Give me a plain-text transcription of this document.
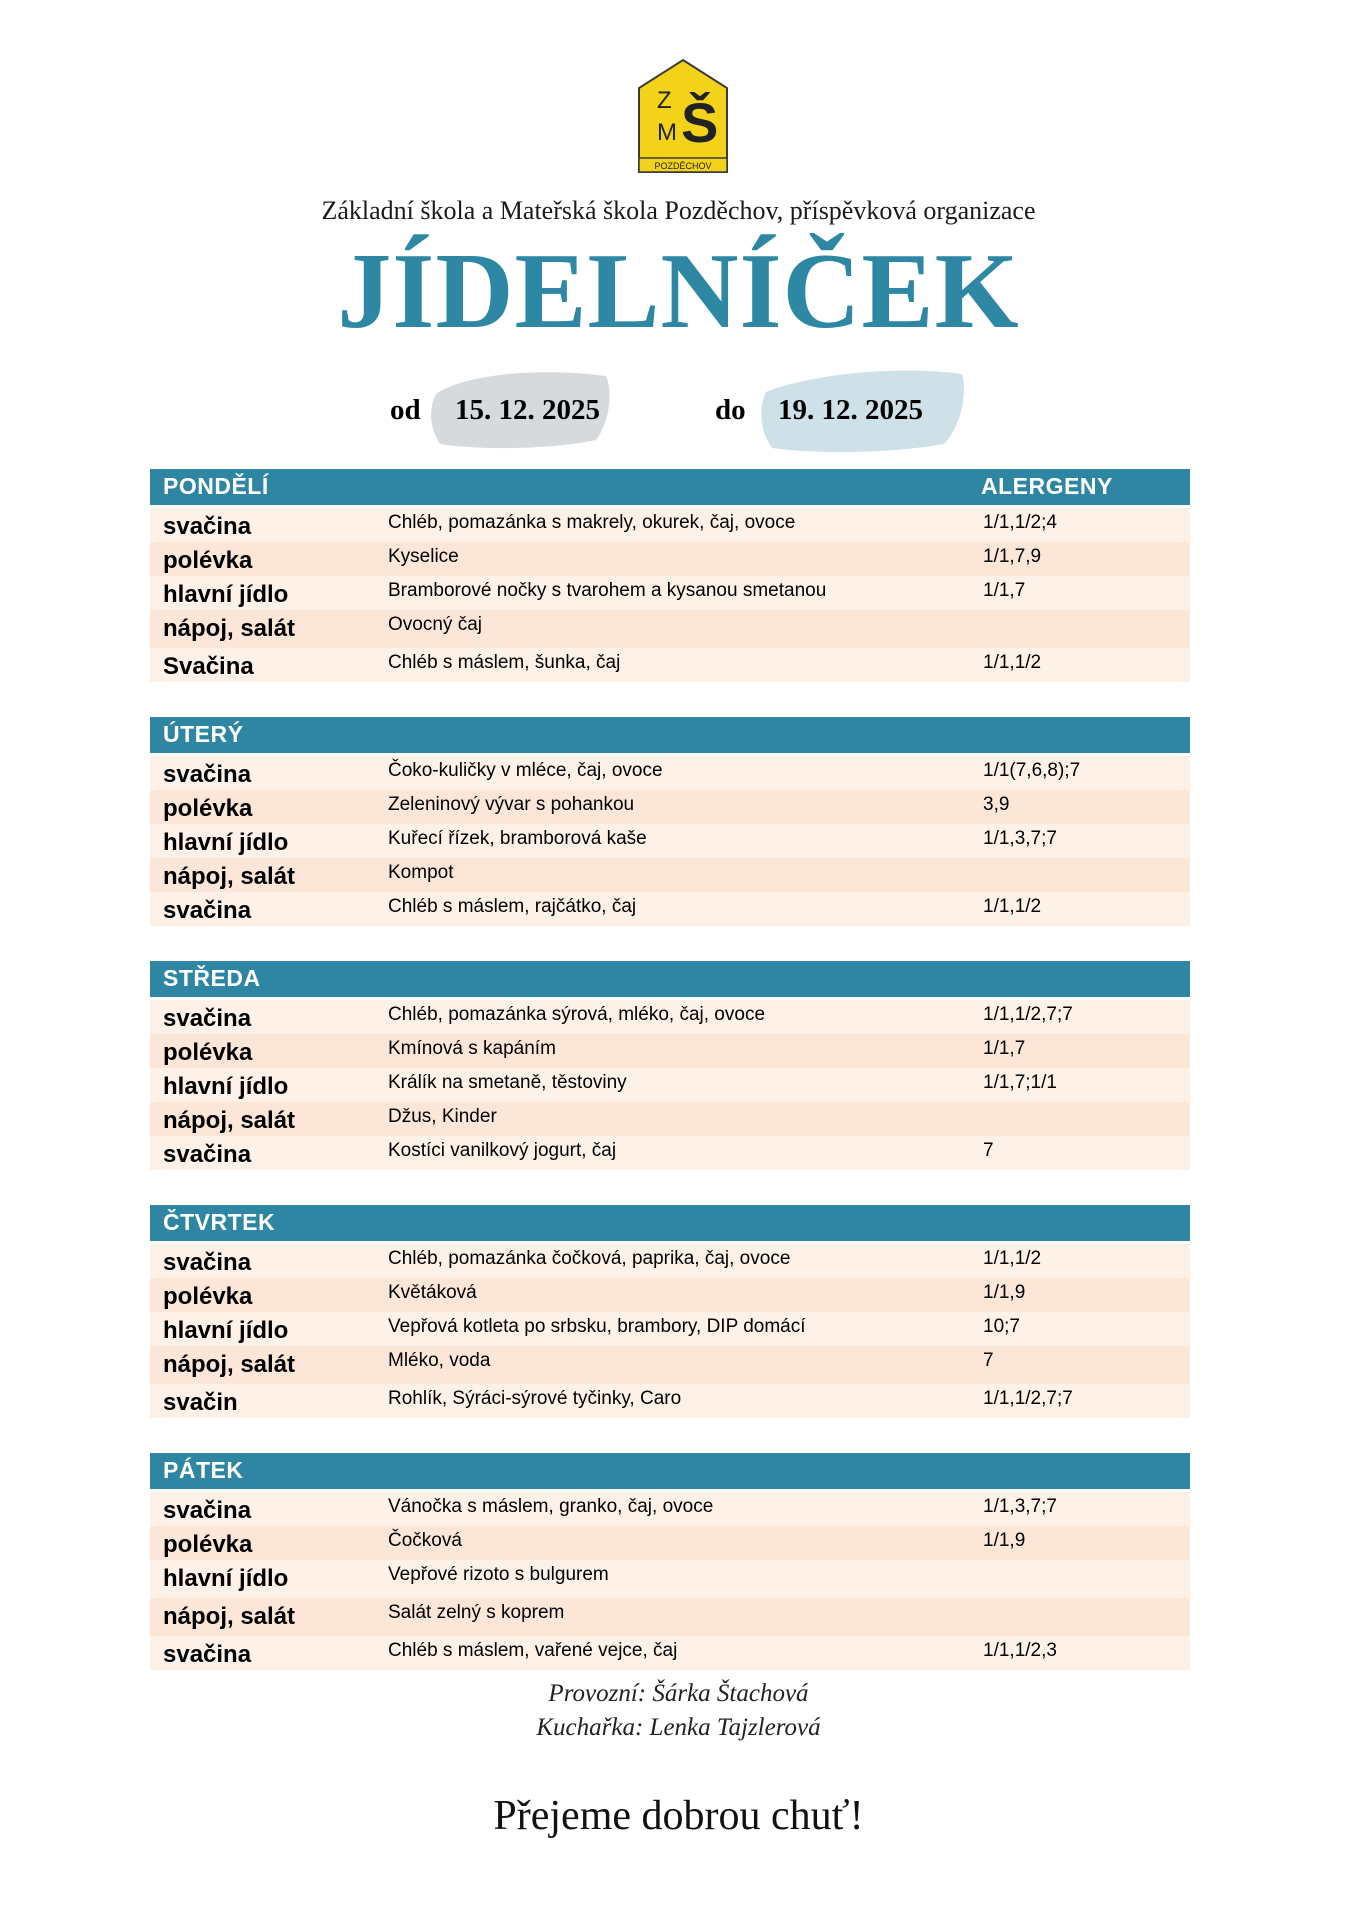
Z
M Š
POZDĚCHOV
Základní škola a Mateřská škola Pozděchov, příspěvková organizace
JÍDELNÍČEK
od 15. 12. 2025	do 19. 12. 2025
PONDĚLÍ	ALERGENY
svačina	Chléb, pomazánka s makrely, okurek, čaj, ovoce	1/1,1/2;4
polévka	Kyselice	1/1,7,9
hlavní jídlo	Bramborové nočky s tvarohem a kysanou smetanou	1/1,7
nápoj, salát	Ovocný čaj
Svačina	Chléb s máslem, šunka, čaj	1/1,1/2
ÚTERÝ
svačina	Čoko-kuličky v mléce, čaj, ovoce	1/1(7,6,8);7
polévka	Zeleninový vývar s pohankou	3,9
hlavní jídlo	Kuřecí řízek, bramborová kaše	1/1,3,7;7
nápoj, salát	Kompot
svačina	Chléb s máslem, rajčátko, čaj	1/1,1/2
STŘEDA
svačina	Chléb, pomazánka sýrová, mléko, čaj, ovoce	1/1,1/2,7;7
polévka	Kmínová s kapáním	1/1,7
hlavní jídlo	Králík na smetaně, těstoviny	1/1,7;1/1
nápoj, salát	Džus, Kinder
svačina	Kostíci vanilkový jogurt, čaj	7
ČTVRTEK
svačina	Chléb, pomazánka čočková, paprika, čaj, ovoce	1/1,1/2
polévka	Květáková	1/1,9
hlavní jídlo	Vepřová kotleta po srbsku, brambory, DIP domácí	10;7
nápoj, salát	Mléko, voda	7
svačin	Rohlík, Sýráci-sýrové tyčinky, Caro	1/1,1/2,7;7
PÁTEK
svačina	Vánočka s máslem, granko, čaj, ovoce	1/1,3,7;7
polévka	Čočková	1/1,9
hlavní jídlo	Vepřové rizoto s bulgurem
nápoj, salát	Salát zelný s koprem
svačina	Chléb s máslem, vařené vejce, čaj	1/1,1/2,3
Provozní: Šárka Štachová
Kuchařka: Lenka Tajzlerová
Přejeme dobrou chuť!
